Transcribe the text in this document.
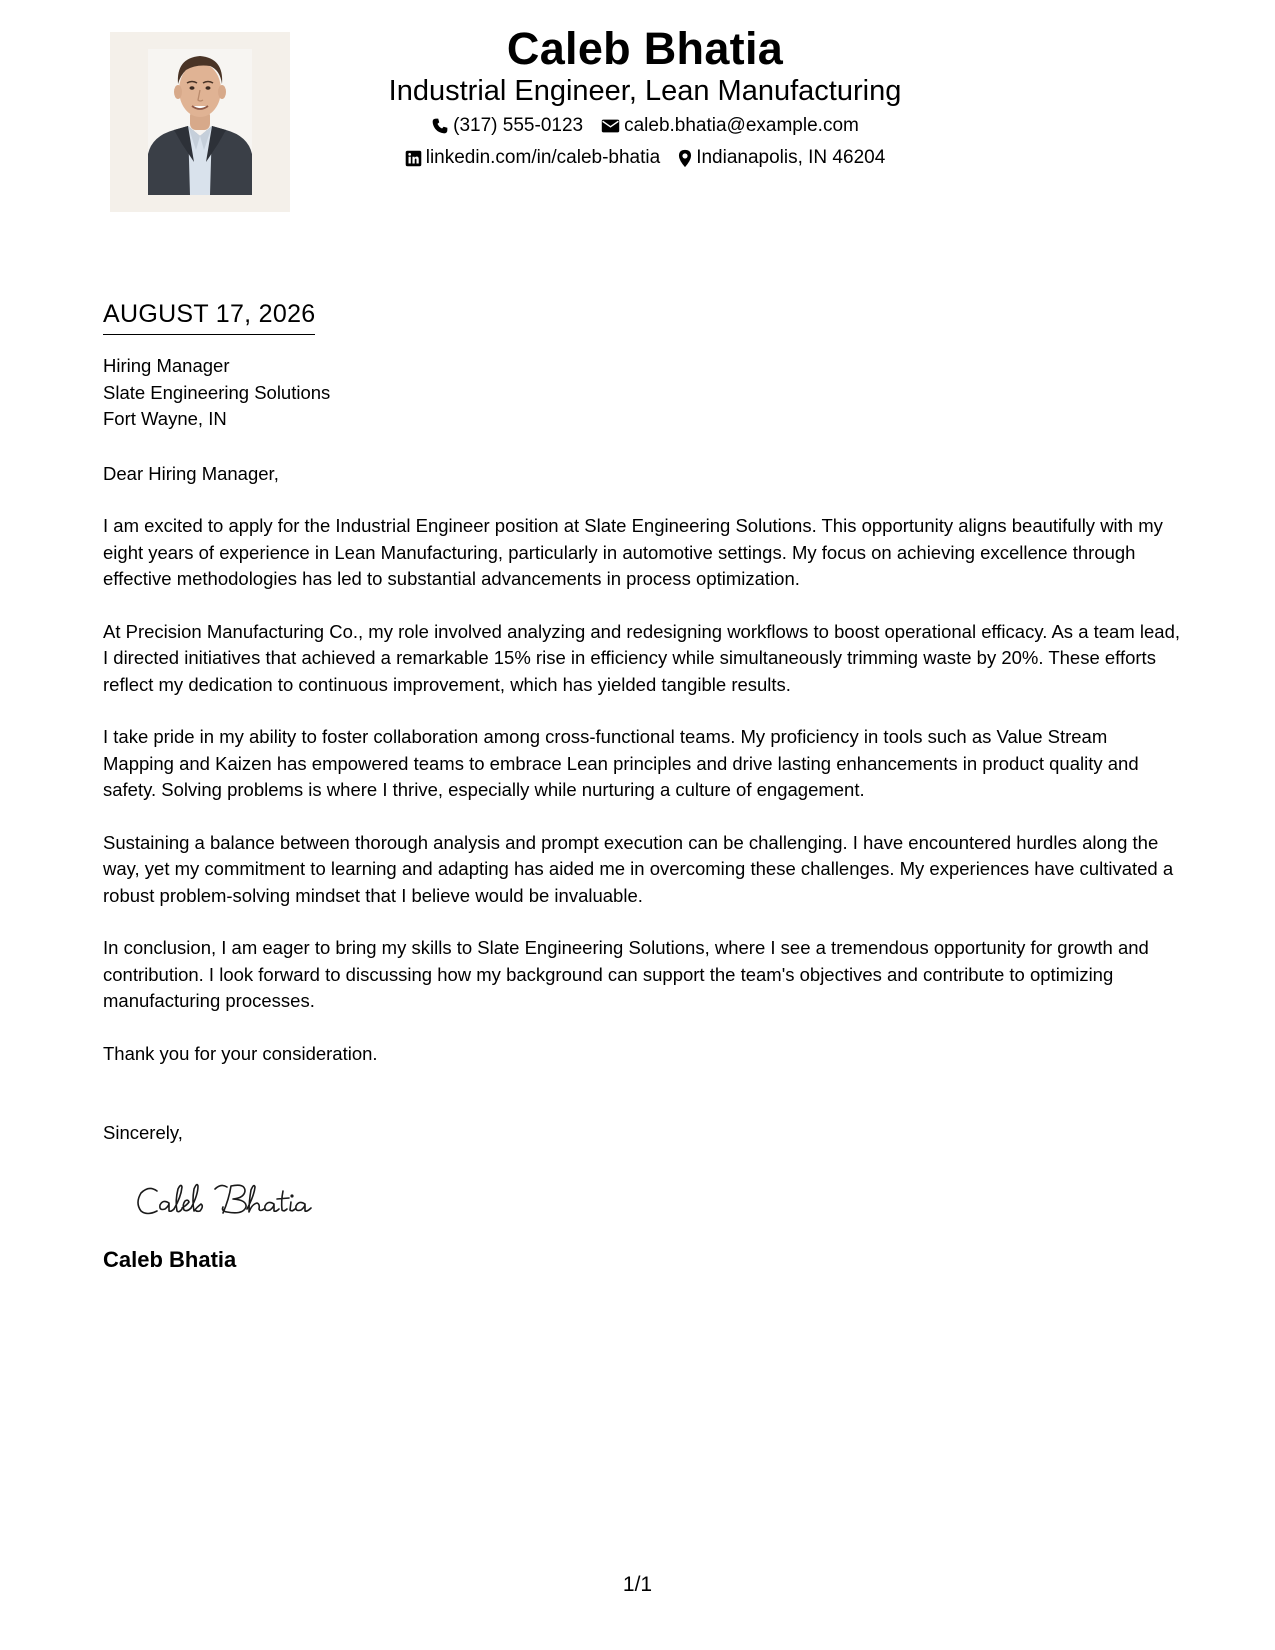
Caleb Bhatia
Industrial Engineer, Lean Manufacturing
(317) 555-0123 caleb.bhatia@example.com
linkedin.com/in/caleb-bhatia Indianapolis, IN 46204
AUGUST 17, 2026
Hiring Manager
Slate Engineering Solutions
Fort Wayne, IN
Dear Hiring Manager,

I am excited to apply for the Industrial Engineer position at Slate Engineering Solutions. This opportunity aligns beautifully with my eight years of experience in Lean Manufacturing, particularly in automotive settings. My focus on achieving excellence through effective methodologies has led to substantial advancements in process optimization.

At Precision Manufacturing Co., my role involved analyzing and redesigning workflows to boost operational efficacy. As a team lead, I directed initiatives that achieved a remarkable 15% rise in efficiency while simultaneously trimming waste by 20%. These efforts reflect my dedication to continuous improvement, which has yielded tangible results.

I take pride in my ability to foster collaboration among cross-functional teams. My proficiency in tools such as Value Stream Mapping and Kaizen has empowered teams to embrace Lean principles and drive lasting enhancements in product quality and safety. Solving problems is where I thrive, especially while nurturing a culture of engagement.

Sustaining a balance between thorough analysis and prompt execution can be challenging. I have encountered hurdles along the way, yet my commitment to learning and adapting has aided me in overcoming these challenges. My experiences have cultivated a robust problem-solving mindset that I believe would be invaluable.

In conclusion, I am eager to bring my skills to Slate Engineering Solutions, where I see a tremendous opportunity for growth and contribution. I look forward to discussing how my background can support the team's objectives and contribute to optimizing manufacturing processes.

Thank you for your consideration.

Sincerely,
Caleb Bhatia
1/1
